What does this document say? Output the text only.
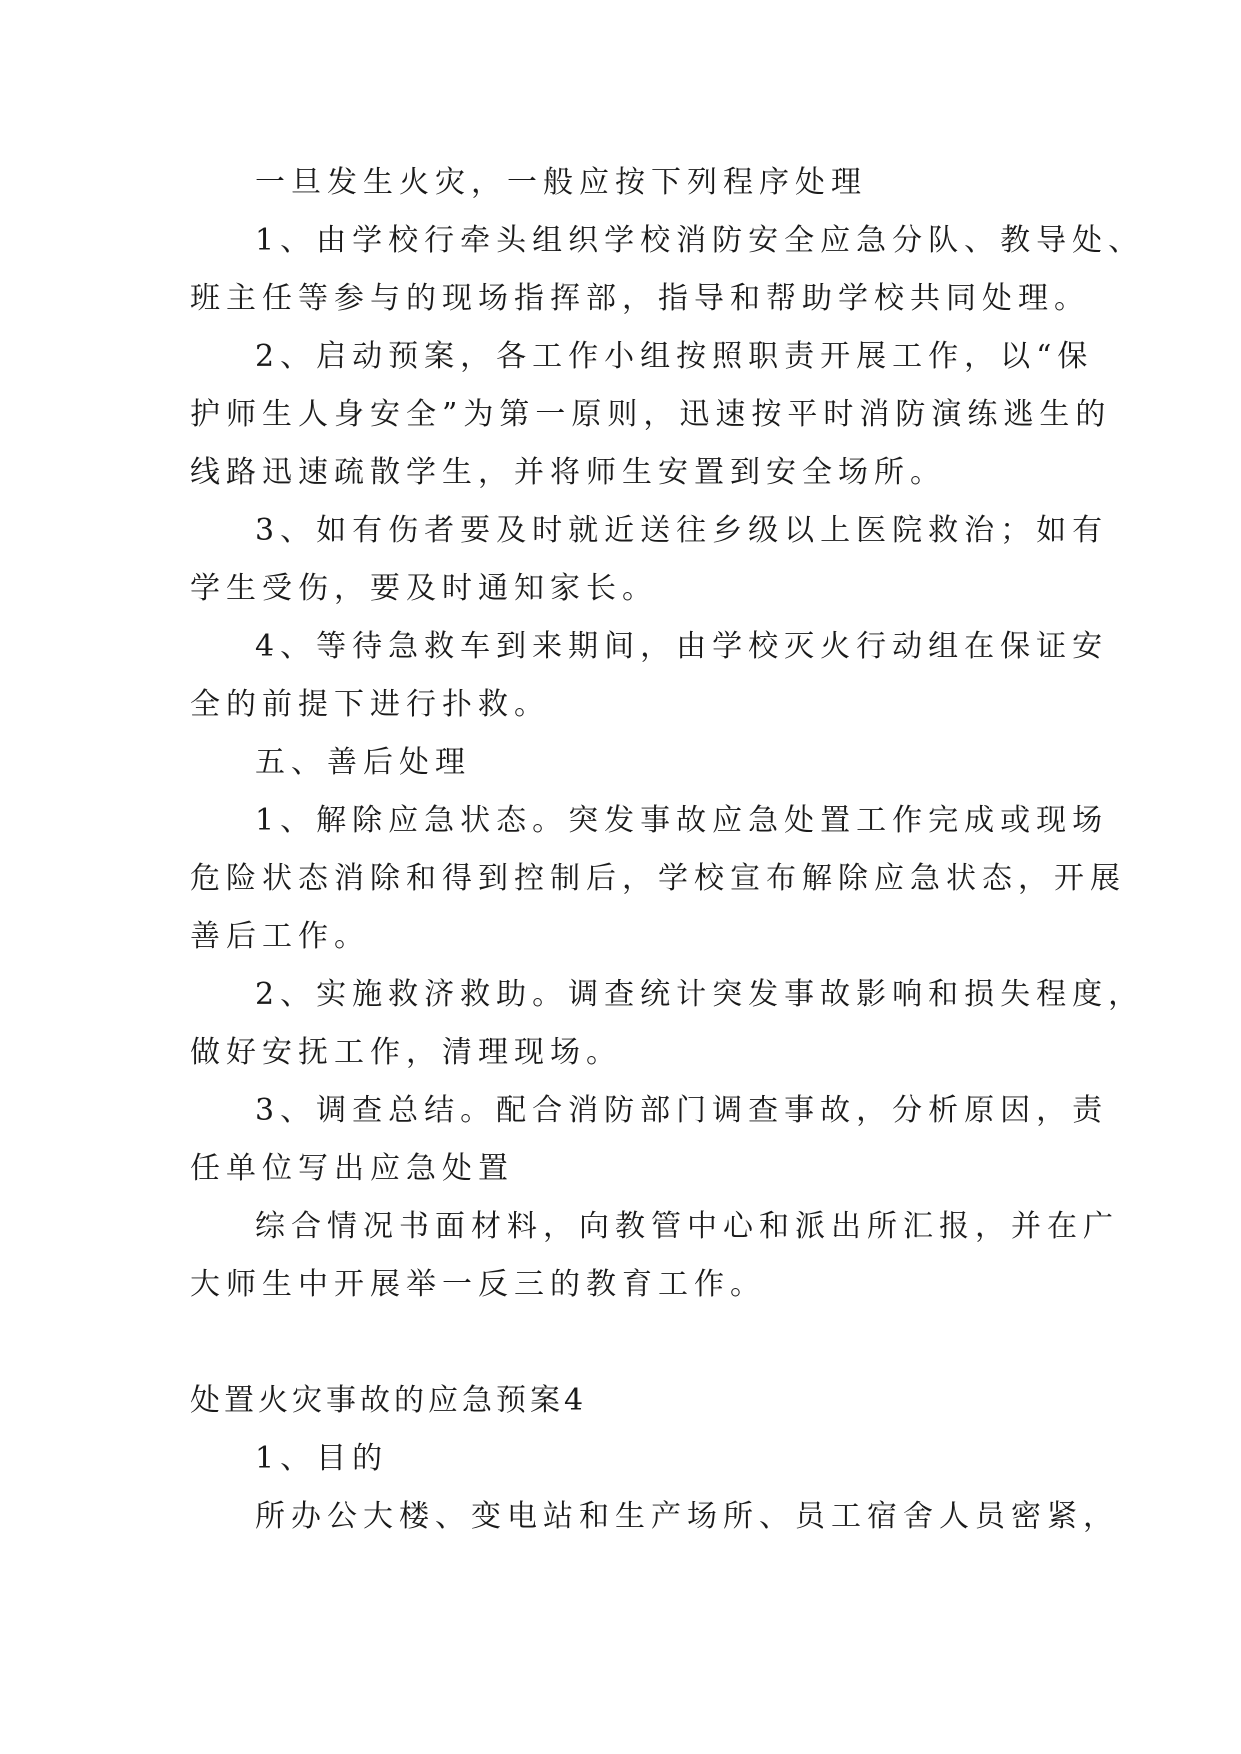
一旦发生火灾，一般应按下列程序处理
1、由学校行牵头组织学校消防安全应急分队、教导处、
班主任等参与的现场指挥部，指导和帮助学校共同处理。
2、启动预案，各工作小组按照职责开展工作，以“保
护师生人身安全”为第一原则，迅速按平时消防演练逃生的
线路迅速疏散学生，并将师生安置到安全场所。
3、如有伤者要及时就近送往乡级以上医院救治；如有
学生受伤，要及时通知家长。
4、等待急救车到来期间，由学校灭火行动组在保证安
全的前提下进行扑救。
五、善后处理
1、解除应急状态。突发事故应急处置工作完成或现场
危险状态消除和得到控制后，学校宣布解除应急状态，开展
善后工作。
2、实施救济救助。调查统计突发事故影响和损失程度，
做好安抚工作，清理现场。
3、调查总结。配合消防部门调查事故，分析原因，责
任单位写出应急处置
综合情况书面材料，向教管中心和派出所汇报，并在广
大师生中开展举一反三的教育工作。
处置火灾事故的应急预案4
1、目的
所办公大楼、变电站和生产场所、员工宿舍人员密紧，
